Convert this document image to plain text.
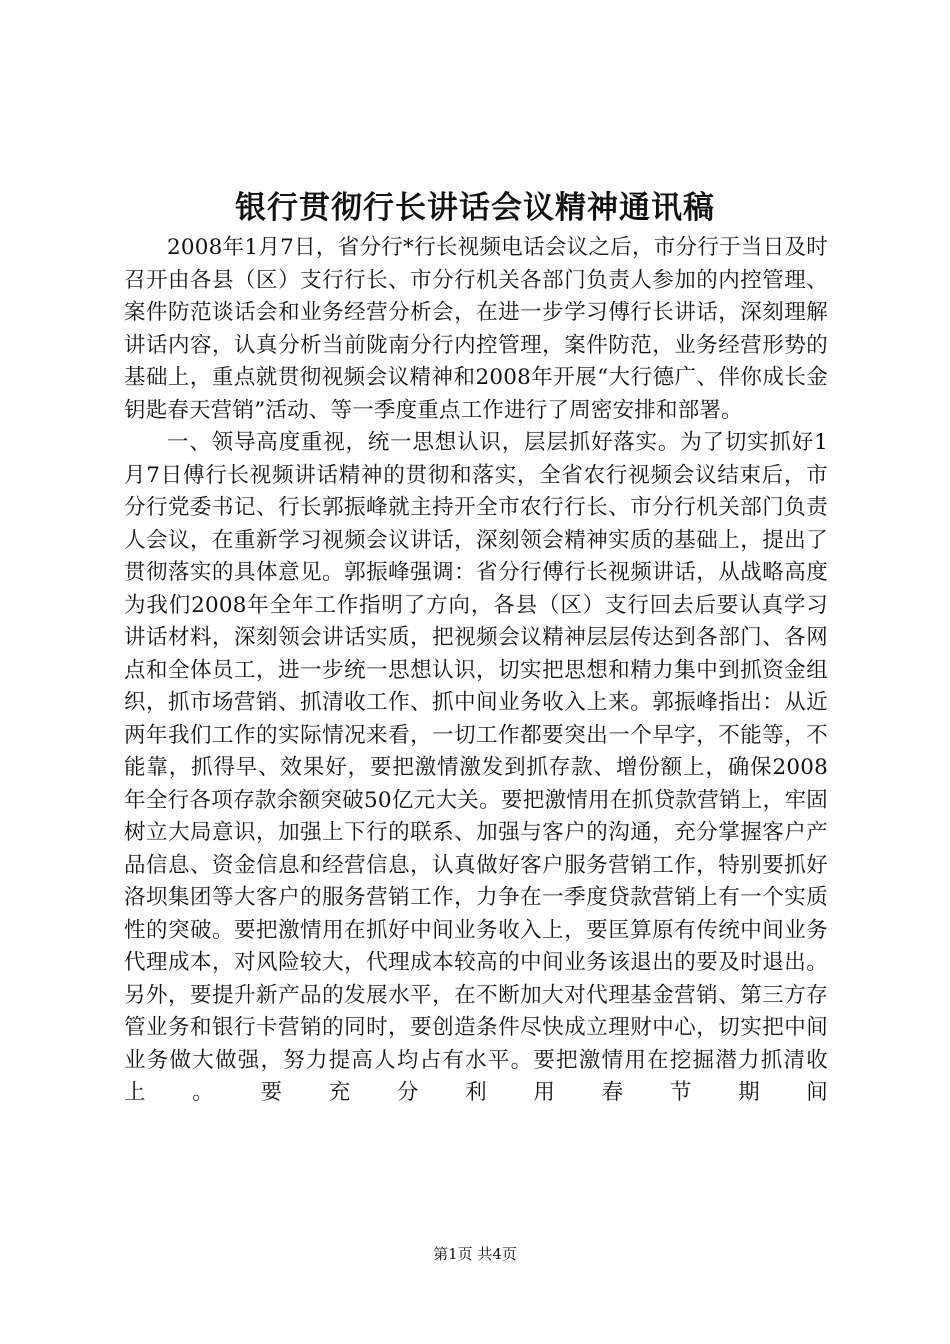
银行贯彻行长讲话会议精神通讯稿

2008年1月7日，省分行*行长视频电话会议之后，市分行于当日及时召开由各县（区）支行行长、市分行机关各部门负责人参加的内控管理、案件防范谈话会和业务经营分析会，在进一步学习傅行长讲话，深刻理解讲话内容，认真分析当前陇南分行内控管理，案件防范，业务经营形势的基础上，重点就贯彻视频会议精神和2008年开展“大行德广、伴你成长金钥匙春天营销”活动、等一季度重点工作进行了周密安排和部署。

一、领导高度重视，统一思想认识，层层抓好落实。为了切实抓好1月7日傅行长视频讲话精神的贯彻和落实，全省农行视频会议结束后，市分行党委书记、行长郭振峰就主持开全市农行行长、市分行机关部门负责人会议，在重新学习视频会议讲话，深刻领会精神实质的基础上，提出了贯彻落实的具体意见。郭振峰强调：省分行傅行长视频讲话，从战略高度为我们2008年全年工作指明了方向，各县（区）支行回去后要认真学习讲话材料，深刻领会讲话实质，把视频会议精神层层传达到各部门、各网点和全体员工，进一步统一思想认识，切实把思想和精力集中到抓资金组织，抓市场营销、抓清收工作、抓中间业务收入上来。郭振峰指出：从近两年我们工作的实际情况来看，一切工作都要突出一个早字，不能等，不能靠，抓得早、效果好，要把激情激发到抓存款、增份额上，确保2008年全行各项存款余额突破50亿元大关。要把激情用在抓贷款营销上，牢固树立大局意识，加强上下行的联系、加强与客户的沟通，充分掌握客户产品信息、资金信息和经营信息，认真做好客户服务营销工作，特别要抓好洛坝集团等大客户的服务营销工作，力争在一季度贷款营销上有一个实质性的突破。要把激情用在抓好中间业务收入上，要匡算原有传统中间业务代理成本，对风险较大，代理成本较高的中间业务该退出的要及时退出。另外，要提升新产品的发展水平，在不断加大对代理基金营销、第三方存管业务和银行卡营销的同时，要创造条件尽快成立理财中心，切实把中间业务做大做强，努力提高人均占有水平。要把激情用在挖掘潜力抓清收上。要充分利用春节期间

第1页 共4页
